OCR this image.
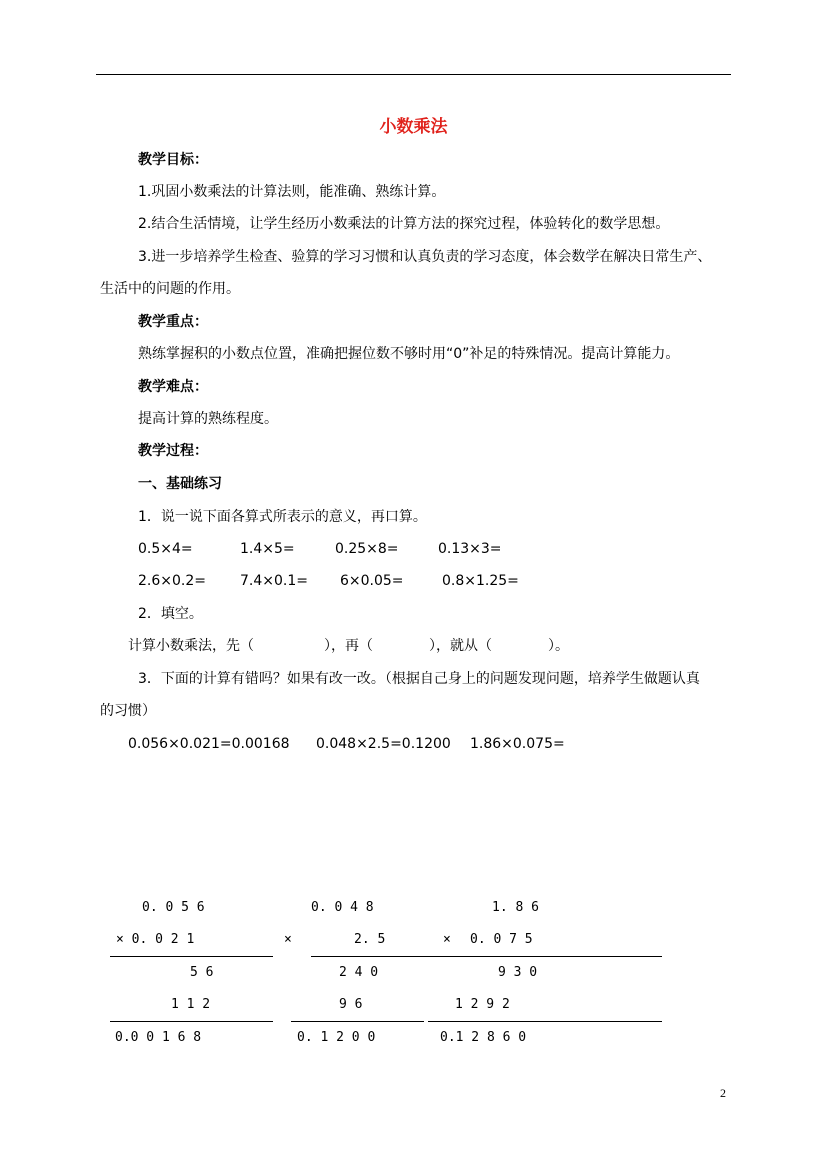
小数乘法
教学目标：
1.巩固小数乘法的计算法则，能准确、熟练计算。
2.结合生活情境，让学生经历小数乘法的计算方法的探究过程，体验转化的数学思想。
3.进一步培养学生检查、验算的学习习惯和认真负责的学习态度，体会数学在解决日常生产、
生活中的问题的作用。
教学重点：
熟练掌握积的小数点位置，准确把握位数不够时用“0”补足的特殊情况。提高计算能力。
教学难点：
提高计算的熟练程度。
教学过程：
一、基础练习
1．说一说下面各算式所表示的意义，再口算。
0.5×4=	1.4×5=	0.25×8=	0.13×3=
2.6×0.2= 7.4×0.1= 6×0.05=	0.8×1.25=
2．填空。
计算小数乘法，先（　　　　　），再（　　　　），就从（　　　　）。
3．下面的计算有错吗？如果有改一改。（根据自己身上的问题发现问题，培养学生做题认真
的习惯）
0.056×0.021=0.00168 0.048×2.5=0.1200 1.86×0.075=
0. 0 5 6
× 0. 0 2 1
5 6
1 1 2
0.0 0 1 6 8
0. 0 4 8
×	2. 5
2 4 0
9 6
0. 1 2 0 0
1. 8 6
× 0. 0 7 5
9 3 0
1 2 9 2
0.1 2 8 6 0
2
